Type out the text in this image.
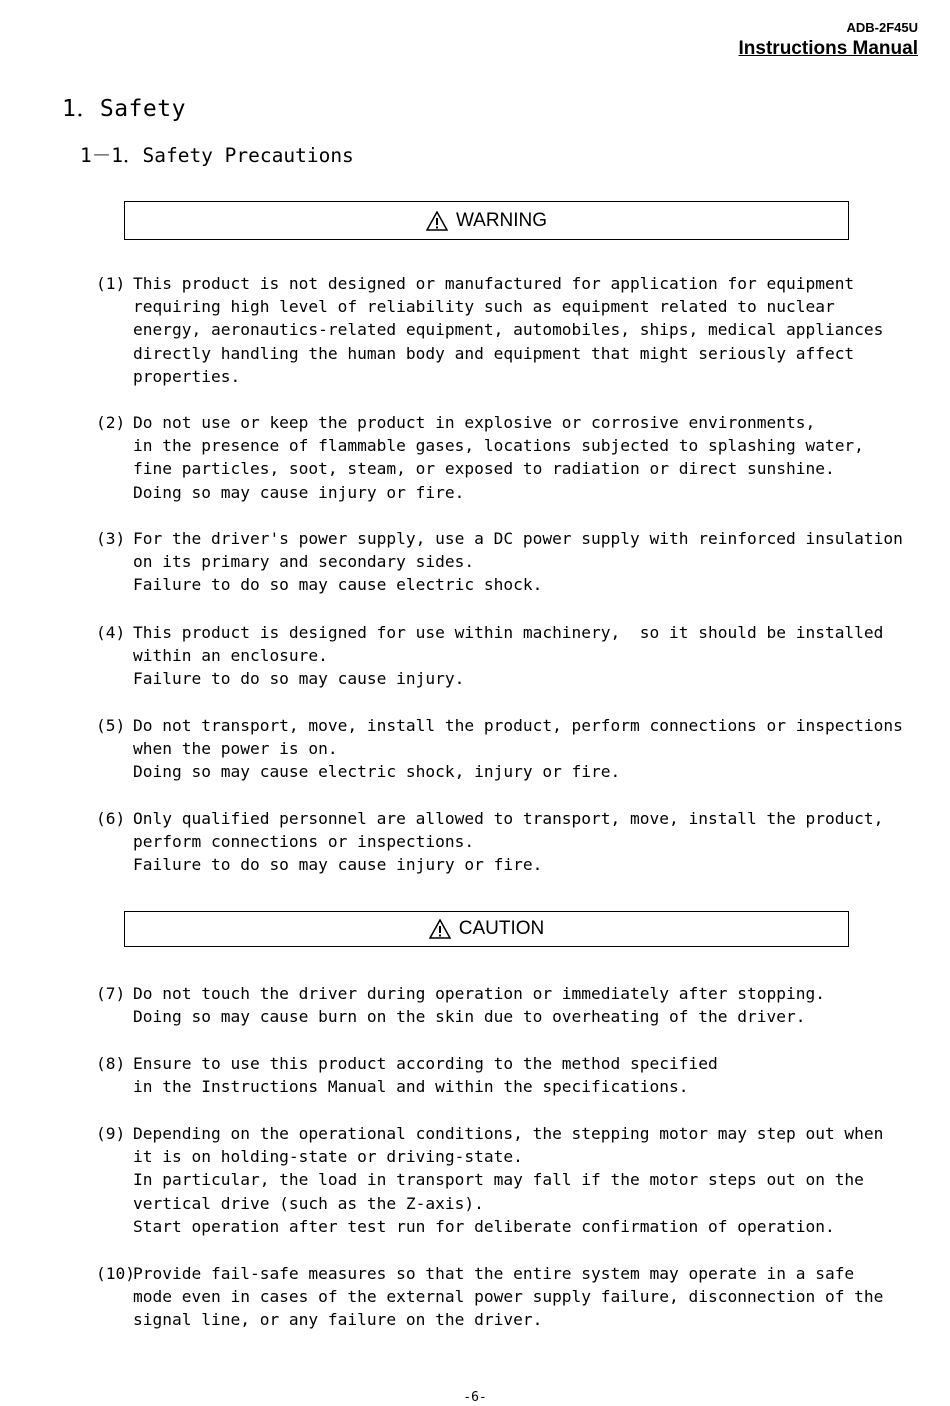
ADB-2F45U
Instructions Manual
1．Safety
1－1．Safety Precautions
WARNING
(1) This product is not designed or manufactured for application for equipment
requiring high level of reliability such as equipment related to nuclear
energy, aeronautics-related equipment, automobiles, ships, medical appliances
directly handling the human body and equipment that might seriously affect
properties.
(2) Do not use or keep the product in explosive or corrosive environments,
in the presence of flammable gases, locations subjected to splashing water,
fine particles, soot, steam, or exposed to radiation or direct sunshine.
Doing so may cause injury or fire.
(3) For the driver's power supply, use a DC power supply with reinforced insulation
on its primary and secondary sides.
Failure to do so may cause electric shock.
(4) This product is designed for use within machinery,  so it should be installed
within an enclosure.
Failure to do so may cause injury.
(5) Do not transport, move, install the product, perform connections or inspections
when the power is on.
Doing so may cause electric shock, injury or fire.
(6) Only qualified personnel are allowed to transport, move, install the product,
perform connections or inspections.
Failure to do so may cause injury or fire.
CAUTION
(7) Do not touch the driver during operation or immediately after stopping.
Doing so may cause burn on the skin due to overheating of the driver.
(8) Ensure to use this product according to the method specified
in the Instructions Manual and within the specifications.
(9) Depending on the operational conditions, the stepping motor may step out when
it is on holding-state or driving-state.
In particular, the load in transport may fall if the motor steps out on the
vertical drive (such as the Z-axis).
Start operation after test run for deliberate confirmation of operation.
(10)
Provide fail-safe measures so that the entire system may operate in a safe
mode even in cases of the external power supply failure, disconnection of the
signal line, or any failure on the driver.
-6-
